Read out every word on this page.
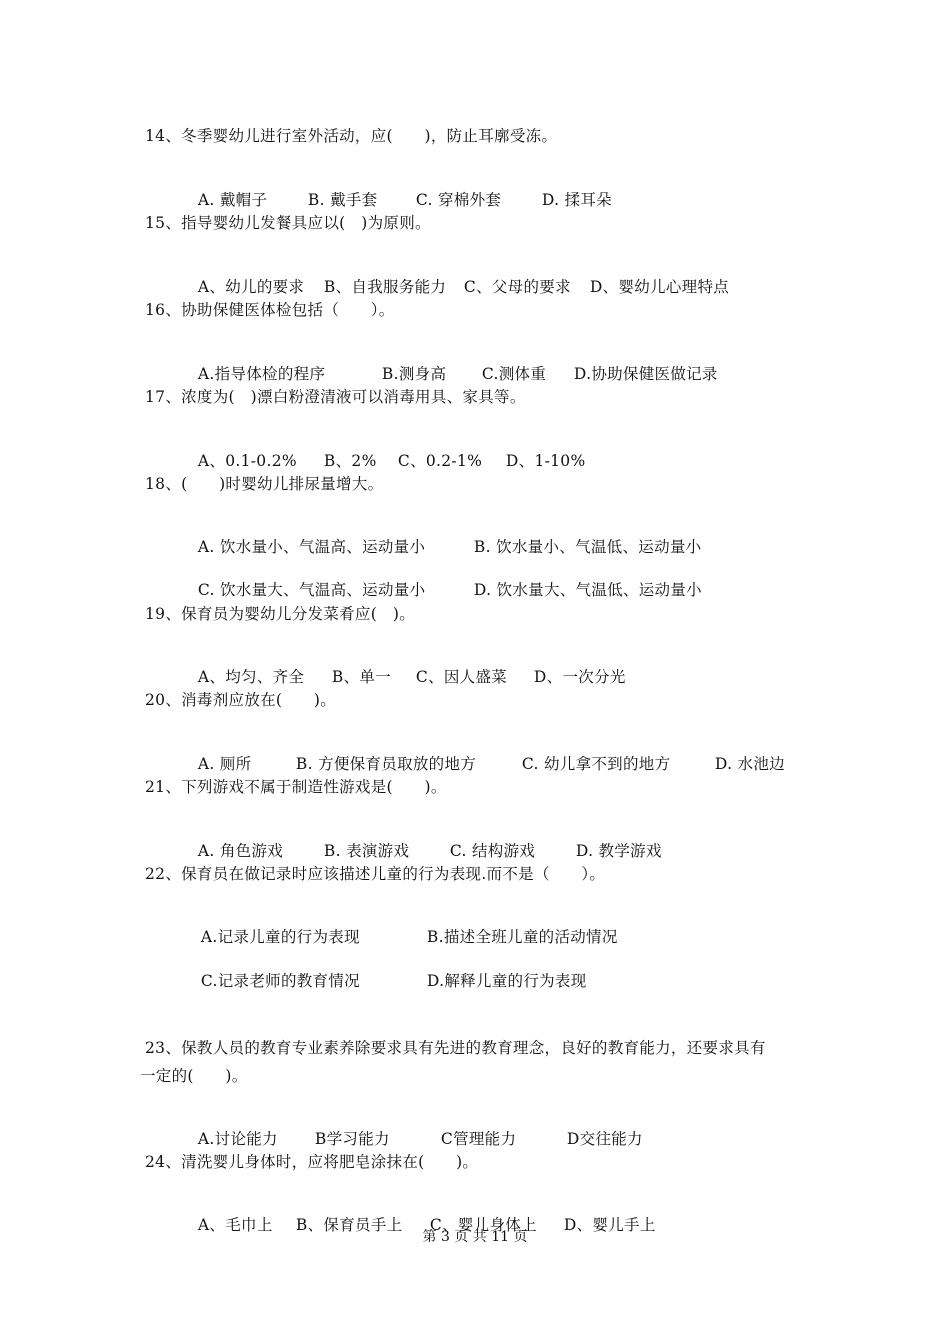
14、冬季婴幼儿进行室外活动，应(　　)，防止耳廓受冻。

A. 戴帽子	B. 戴手套 C. 穿棉外套	D. 揉耳朵

15、指导婴幼儿发餐具应以(　)为原则。

A、幼儿的要求 B、自我服务能力 C、父母的要求 D、婴幼儿心理特点

16、协助保健医体检包括（　　）。

A.指导体检的程序	B.测身高 C.测体重 D.协助保健医做记录

17、浓度为(　)漂白粉澄清液可以消毒用具、家具等。

A、0.1-0.2% B、2% C、0.2-1% D、1-10%

18、(　　)时婴幼儿排尿量增大。

A. 饮水量小、气温高、运动量小	B. 饮水量小、气温低、运动量小

C. 饮水量大、气温高、运动量小	D. 饮水量大、气温低、运动量小

19、保育员为婴幼儿分发菜肴应(　)。

A、均匀、齐全 B、单一 C、因人盛菜 D、一次分光

20、消毒剂应放在(　　)。

A. 厕所	B. 方便保育员取放的地方	C. 幼儿拿不到的地方	D. 水池边

21、下列游戏不属于制造性游戏是(　　)。

A. 角色游戏	B. 表演游戏	C. 结构游戏	D. 教学游戏

22、保育员在做记录时应该描述儿童的行为表现.而不是（　　）。

A.记录儿童的行为表现	B.描述全班儿童的活动情况

C.记录老师的教育情况	D.解释儿童的行为表现

23、保教人员的教育专业素养除要求具有先进的教育理念，良好的教育能力，还要求具有
一定的(　　)。

A.讨论能力 B学习能力	C管理能力	D交往能力

24、清洗婴儿身体时，应将肥皂涂抹在(　　)。

A、毛巾上 B、保育员手上 C、婴儿身体上 D、婴儿手上

第 3 页 共 11 页
